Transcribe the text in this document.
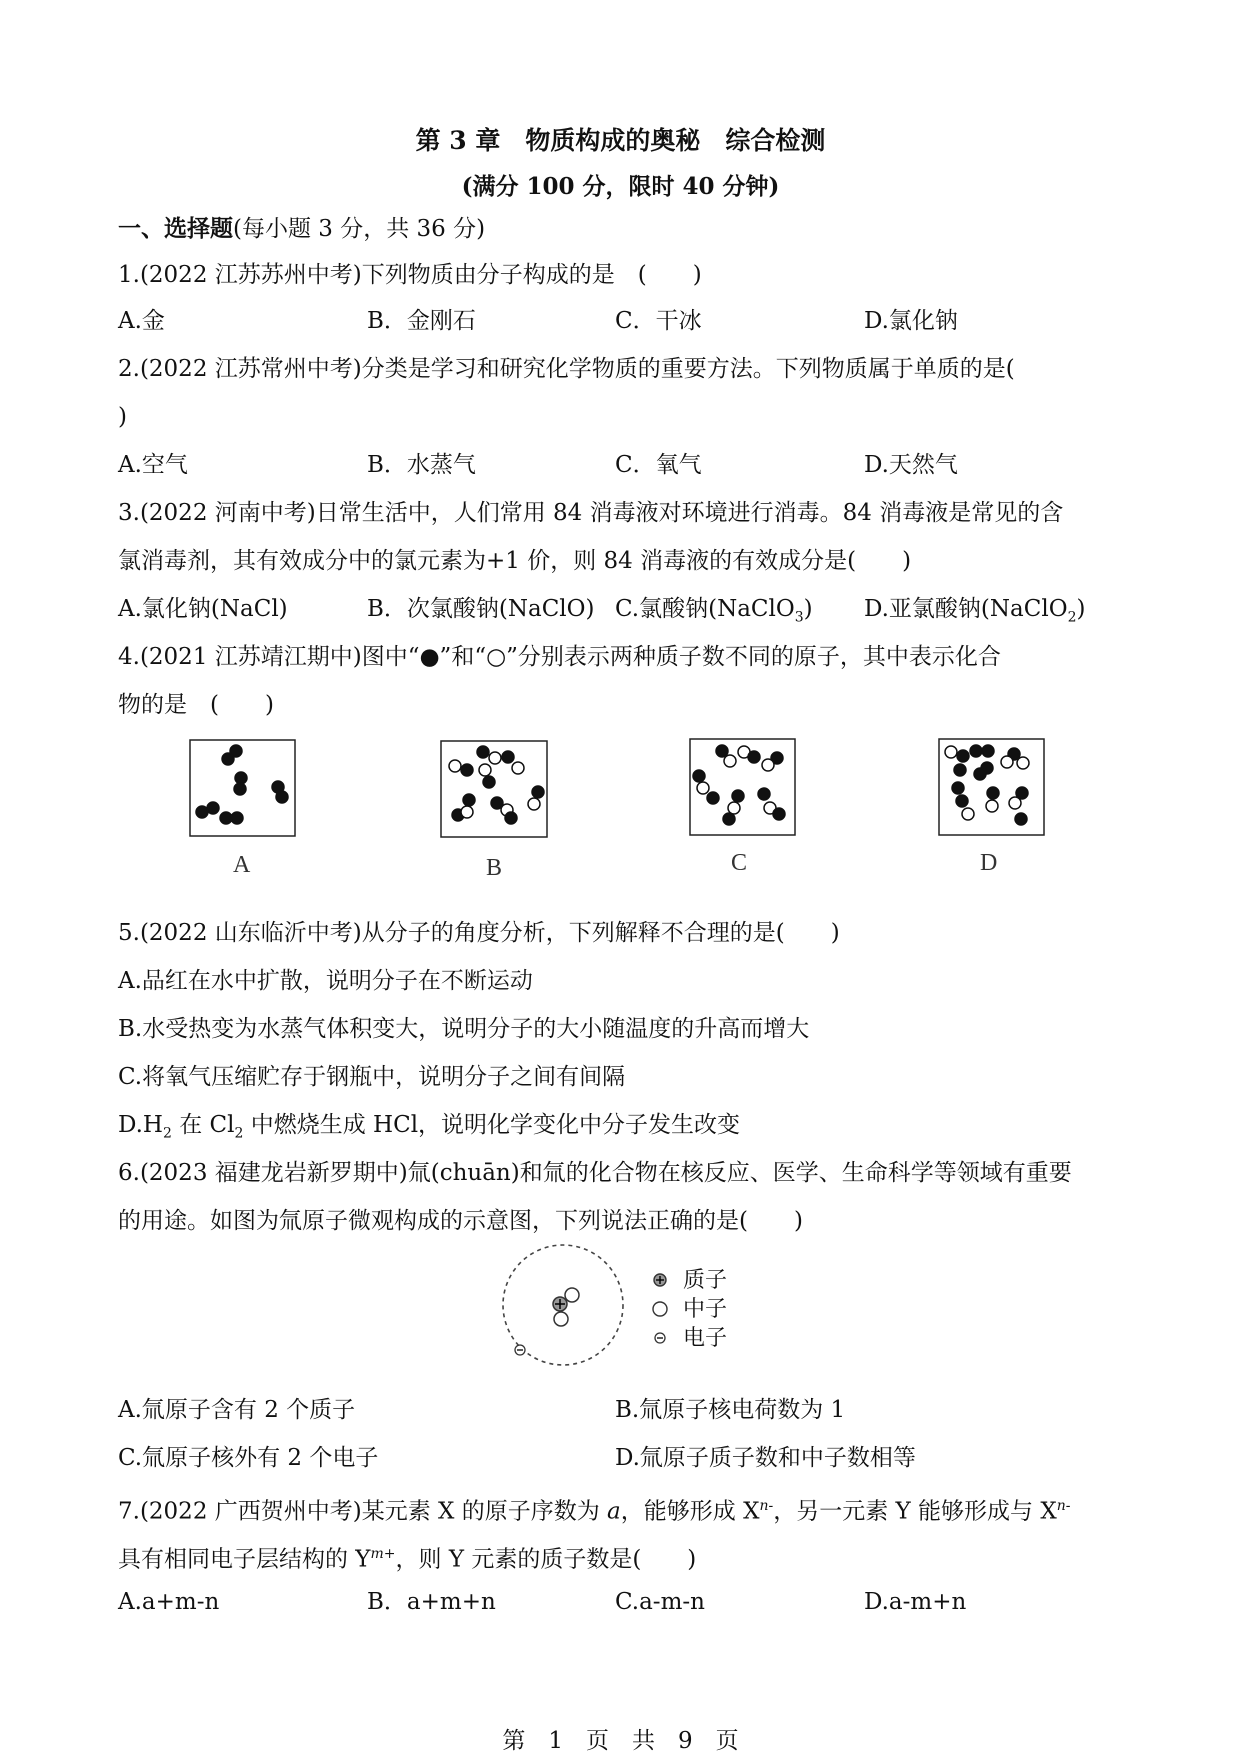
第 3 章　物质构成的奥秘　综合检测
(满分 100 分，限时 40 分钟)
一、选择题(每小题 3 分，共 36 分)
1.(2022 江苏苏州中考)下列物质由分子构成的是　(　　)
A.金	B．金刚石	C．干冰	D.氯化钠
2.(2022 江苏常州中考)分类是学习和研究化学物质的重要方法。下列物质属于单质的是(
)
A.空气	B．水蒸气	C．氧气	D.天然气
3.(2022 河南中考)日常生活中，人们常用 84 消毒液对环境进行消毒。84 消毒液是常见的含
氯消毒剂，其有效成分中的氯元素为+1 价，则 84 消毒液的有效成分是(　　)
A.氯化钠(NaCl)	B．次氯酸钠(NaClO) C.氯酸钠(NaClO$_3$) D.亚氯酸钠(NaClO$_2$)
4.(2021 江苏靖江期中)图中“●”和“○”分别表示两种质子数不同的原子，其中表示化合
物的是　(　　)
A	B	C	D
5.(2022 山东临沂中考)从分子的角度分析，下列解释不合理的是(　　)
A.品红在水中扩散，说明分子在不断运动
B.水受热变为水蒸气体积变大，说明分子的大小随温度的升高而增大
C.将氧气压缩贮存于钢瓶中，说明分子之间有间隔
$D.H_2$ 在 $Cl_2$ 中燃烧生成 HCl，说明化学变化中分子发生改变
6.(2023 福建龙岩新罗期中)氚(chuān)和氚的化合物在核反应、医学、生命科学等领域有重要
的用途。如图为氚原子微观构成的示意图，下列说法正确的是(　　)
质子
中子
电子
A.氚原子含有 2 个质子	B.氚原子核电荷数为 1
C.氚原子核外有 2 个电子	D.氚原子质子数和中子数相等
7.(2022 广西贺州中考)某元素 X 的原子序数为 a，能够形成 $X^{n-}$，另一元素 Y 能够形成与 $X^{n-}$
具有相同电子层结构的 $Y^{m+}$，则 Y 元素的质子数是(　　)
A.a+m-n	B．a+m+n	C.a-m-n	D.a-m+n
第　1　页　共　9　页
